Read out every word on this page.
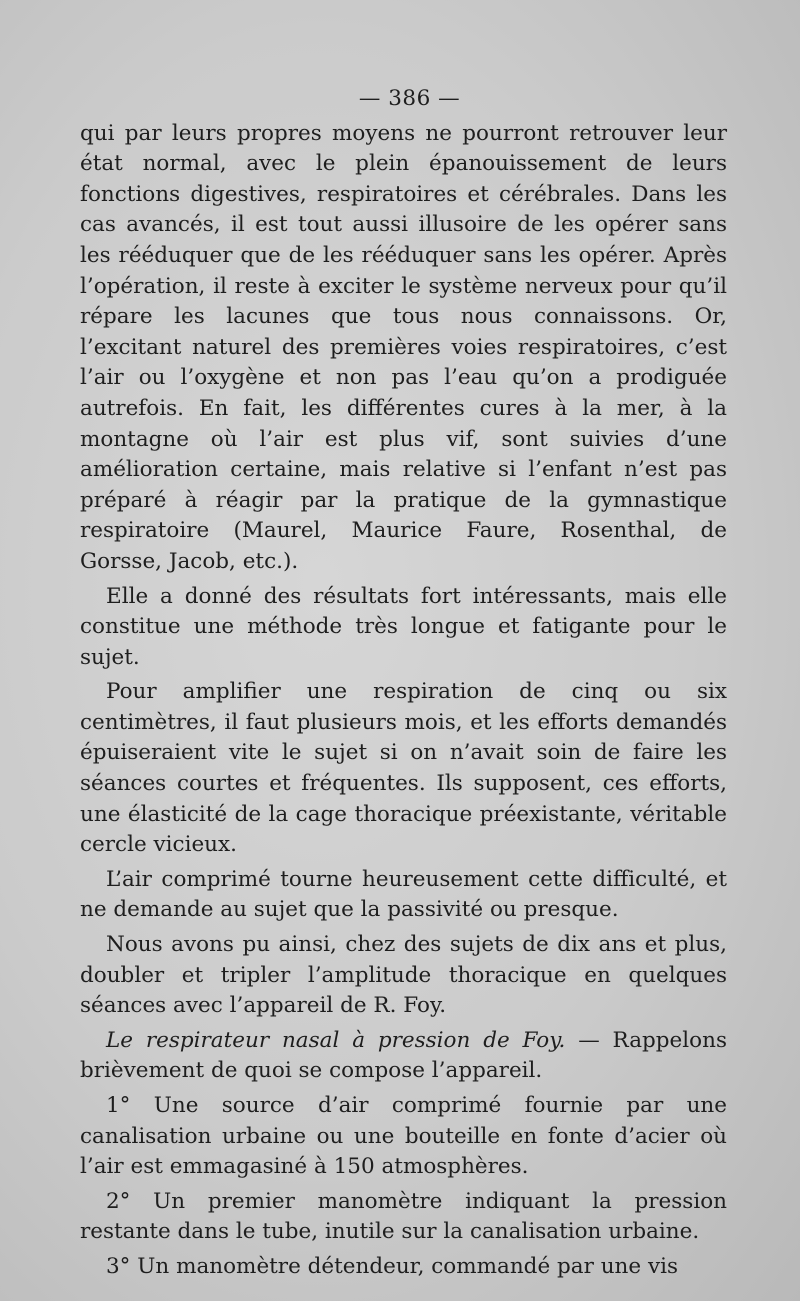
— 386 —

qui par leurs propres moyens ne pourront retrouver leur état normal, avec le plein épanouissement de leurs fonctions digestives, respiratoires et cérébrales. Dans les cas avancés, il est tout aussi illusoire de les opérer sans les rééduquer que de les rééduquer sans les opérer. Après l’opération, il reste à exciter le système nerveux pour qu’il répare les lacunes que tous nous connaissons. Or, l’excitant naturel des premières voies respiratoires, c’est l’air ou l’oxygène et non pas l’eau qu’on a prodiguée autrefois. En fait, les différentes cures à la mer, à la montagne où l’air est plus vif, sont suivies d’une amélioration certaine, mais relative si l’enfant n’est pas préparé à réagir par la pratique de la gymnastique respiratoire (Maurel, Maurice Faure, Rosenthal, de Gorsse, Jacob, etc.).

Elle a donné des résultats fort intéressants, mais elle constitue une méthode très longue et fatigante pour le sujet.

Pour amplifier une respiration de cinq ou six centimètres, il faut plusieurs mois, et les efforts demandés épuiseraient vite le sujet si on n’avait soin de faire les séances courtes et fréquentes. Ils supposent, ces efforts, une élasticité de la cage thoracique préexistante, véritable cercle vicieux.

L’air comprimé tourne heureusement cette difficulté, et ne demande au sujet que la passivité ou presque.

Nous avons pu ainsi, chez des sujets de dix ans et plus, doubler et tripler l’amplitude thoracique en quelques séances avec l’appareil de R. Foy.

Le respirateur nasal à pression de Foy. — Rappelons brièvement de quoi se compose l’appareil.

1° Une source d’air comprimé fournie par une canalisation urbaine ou une bouteille en fonte d’acier où l’air est emmagasiné à 150 atmosphères.

2° Un premier manomètre indiquant la pression restante dans le tube, inutile sur la canalisation urbaine.

3° Un manomètre détendeur, commandé par une vis
